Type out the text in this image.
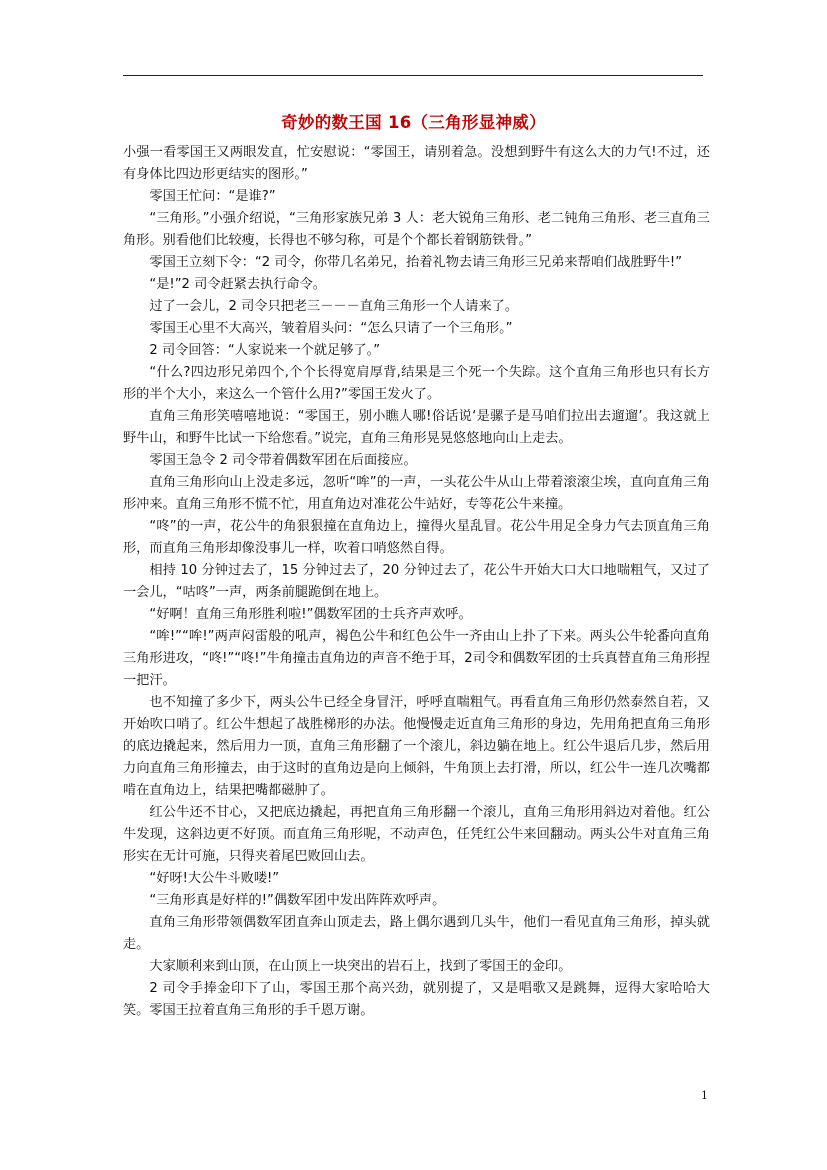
奇妙的数王国 16（三角形显神威）

小强一看零国王又两眼发直，忙安慰说：“零国王，请别着急。没想到野牛有这么大的力气!不过，还有身体比四边形更结实的图形。”

零国王忙问：“是谁?”

“三角形。”小强介绍说，“三角形家族兄弟 3 人：老大锐角三角形、老二钝角三角形、老三直角三角形。别看他们比较瘦，长得也不够匀称，可是个个都长着钢筋铁骨。”

零国王立刻下令：“2 司令，你带几名弟兄，抬着礼物去请三角形三兄弟来帮咱们战胜野牛!”

“是!”2 司令赶紧去执行命令。

过了一会儿，2 司令只把老三－－－直角三角形一个人请来了。

零国王心里不大高兴，皱着眉头问：“怎么只请了一个三角形。”

2 司令回答：“人家说来一个就足够了。”

“什么?四边形兄弟四个,个个长得宽肩厚背,结果是三个死一个失踪。这个直角三角形也只有长方形的半个大小，来这么一个管什么用?”零国王发火了。

直角三角形笑嘻嘻地说：“零国王，别小瞧人哪!俗话说‘是骡子是马咱们拉出去遛遛’。我这就上野牛山，和野牛比试一下给您看。”说完，直角三角形晃晃悠悠地向山上走去。

零国王急令 2 司令带着偶数军团在后面接应。

直角三角形向山上没走多远，忽听“哞”的一声，一头花公牛从山上带着滚滚尘埃，直向直角三角形冲来。直角三角形不慌不忙，用直角边对准花公牛站好，专等花公牛来撞。

“咚”的一声，花公牛的角狠狠撞在直角边上，撞得火星乱冒。花公牛用足全身力气去顶直角三角形，而直角三角形却像没事儿一样，吹着口哨悠然自得。

相持 10 分钟过去了，15 分钟过去了，20 分钟过去了，花公牛开始大口大口地喘粗气，又过了一会儿，“咕咚”一声，两条前腿跪倒在地上。

“好啊！直角三角形胜利啦!”偶数军团的士兵齐声欢呼。

“哞!”“哞!”两声闷雷般的吼声，褐色公牛和红色公牛一齐由山上扑了下来。两头公牛轮番向直角三角形进攻，“咚!”“咚!”牛角撞击直角边的声音不绝于耳，2司令和偶数军团的士兵真替直角三角形捏一把汗。

也不知撞了多少下，两头公牛已经全身冒汗，呼呼直喘粗气。再看直角三角形仍然泰然自若，又开始吹口哨了。红公牛想起了战胜梯形的办法。他慢慢走近直角三角形的身边，先用角把直角三角形的底边撬起来，然后用力一顶，直角三角形翻了一个滚儿，斜边躺在地上。红公牛退后几步，然后用力向直角三角形撞去，由于这时的直角边是向上倾斜，牛角顶上去打滑，所以，红公牛一连几次嘴都啃在直角边上，结果把嘴都磁肿了。

红公牛还不甘心，又把底边撬起，再把直角三角形翻一个滚儿，直角三角形用斜边对着他。红公牛发现，这斜边更不好顶。而直角三角形呢，不动声色，任凭红公牛来回翻动。两头公牛对直角三角形实在无计可施，只得夹着尾巴败回山去。

“好呀!大公牛斗败喽!”

“三角形真是好样的!”偶数军团中发出阵阵欢呼声。

直角三角形带领偶数军团直奔山顶走去，路上偶尔遇到几头牛，他们一看见直角三角形，掉头就走。

大家顺利来到山顶，在山顶上一块突出的岩石上，找到了零国王的金印。

2 司令手捧金印下了山，零国王那个高兴劲，就别提了，又是唱歌又是跳舞，逗得大家哈哈大笑。零国王拉着直角三角形的手千恩万谢。

1
